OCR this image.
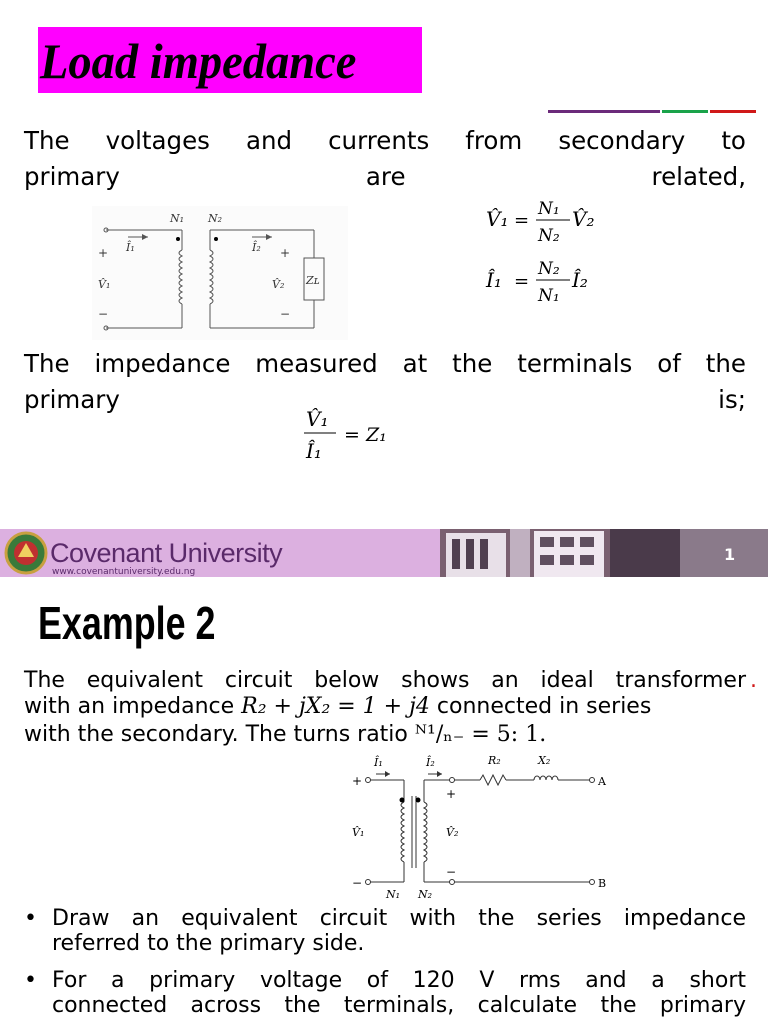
Load impedance
The voltages and currents from secondary to
primary are related,
N₁ N₂
Î₁	Î₂
+	+
V̂₁	V̂₂ Zʟ
−	−
V̂₁ =
N₁
N₂
V̂₂
Î₁ =
N₂
N₁
Î₂
The impedance measured at the terminals of the
primary is;
V̂₁
Î₁
= Z₁
Covenant University
www.covenantuniversity.edu.ng
1
Example 2
The equivalent circuit below shows an ideal transformer .
with an impedance R₂ + jX₂ = 1 + j4 connected in series
with the secondary. The turns ratio ᴺ¹/ₙ₋ = 5: 1.
Î₁	Î₂	R₂	X₂
+
+
V̂₁	V̂₂
−
−
A
B
N₁ N₂
• Draw an equivalent circuit with the series impedance
referred to the primary side.
• For a primary voltage of 120 V rms and a short
connected across the terminals, calculate the primary
